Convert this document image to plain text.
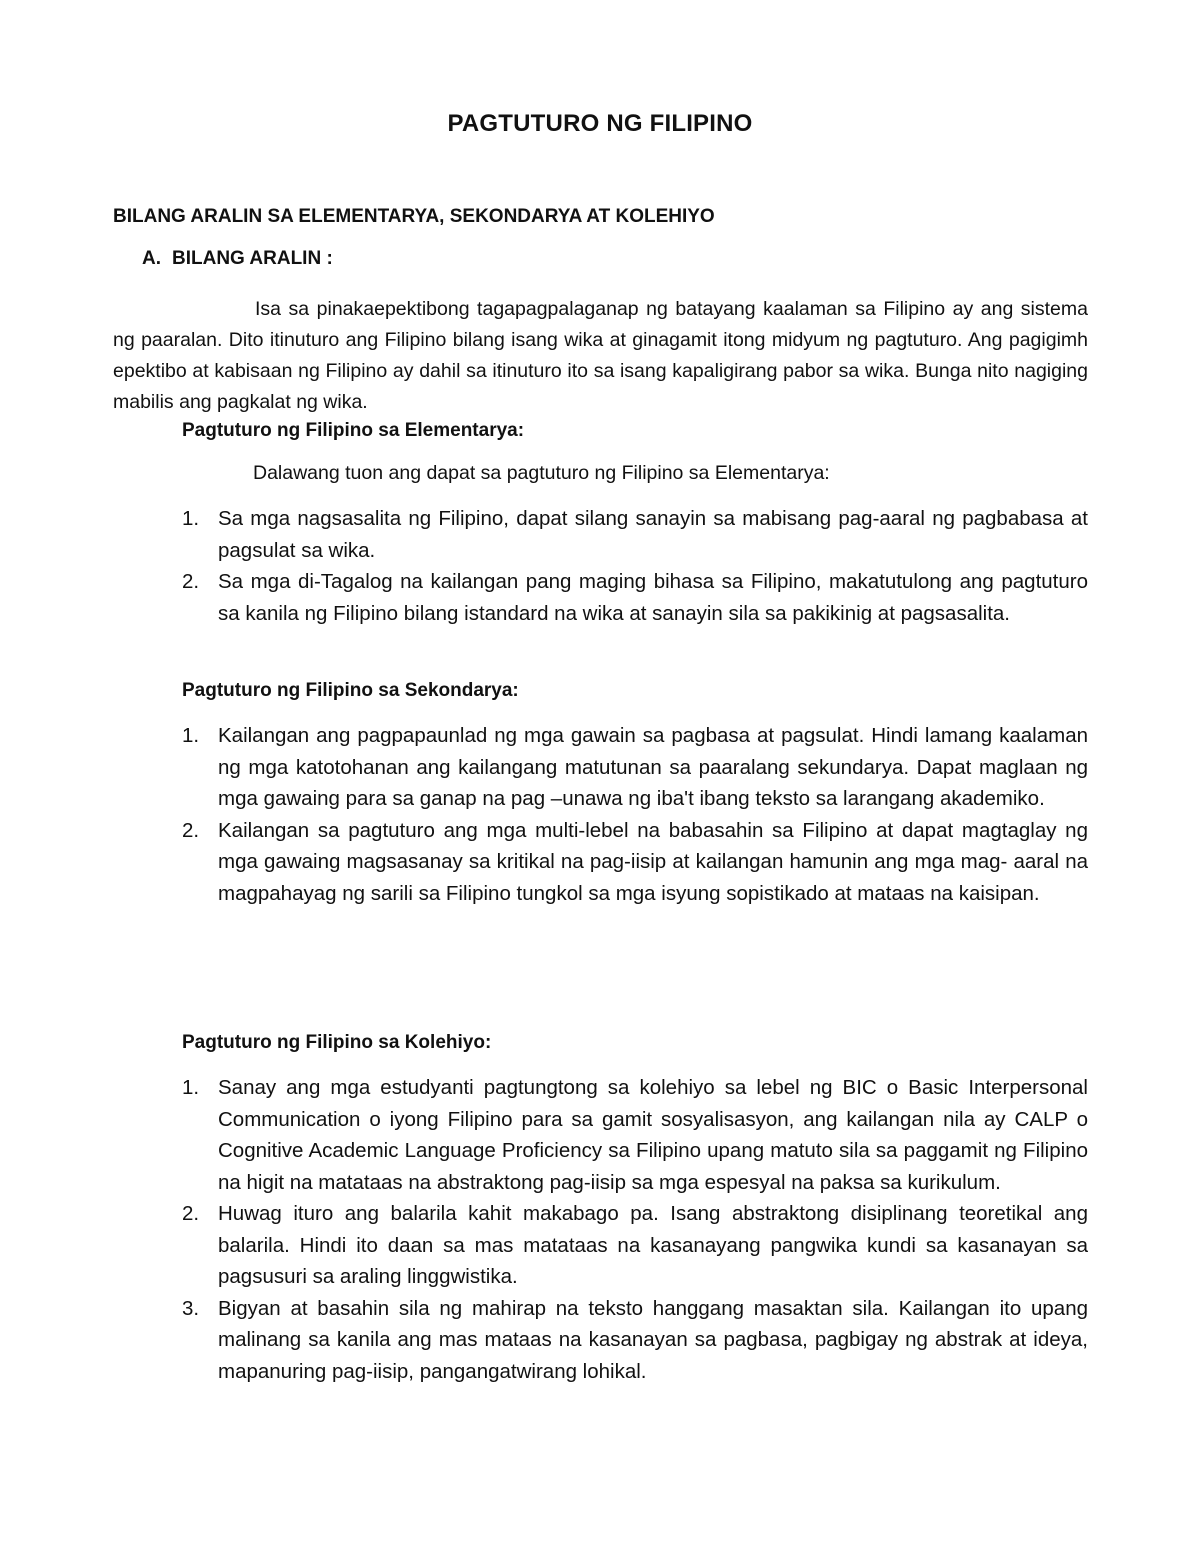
PAGTUTURO NG FILIPINO
BILANG ARALIN SA ELEMENTARYA, SEKONDARYA AT KOLEHIYO
A. BILANG ARALIN :

Isa sa pinakaepektibong tagapagpalaganap ng batayang kaalaman sa Filipino ay ang sistema ng paaralan. Dito itinuturo ang Filipino bilang isang wika at ginagamit itong midyum ng pagtuturo. Ang pagigimh epektibo at kabisaan ng Filipino ay dahil sa itinuturo ito sa isang kapaligirang pabor sa wika. Bunga nito nagiging mabilis ang pagkalat ng wika.

Pagtuturo ng Filipino sa Elementarya:
Dalawang tuon ang dapat sa pagtuturo ng Filipino sa Elementarya:
1. Sa mga nagsasalita ng Filipino, dapat silang sanayin sa mabisang pag-aaral ng pagbabasa at pagsulat sa wika.
2. Sa mga di-Tagalog na kailangan pang maging bihasa sa Filipino, makatutulong ang pagtuturo sa kanila ng Filipino bilang istandard na wika at sanayin sila sa pakikinig at pagsasalita.
Pagtuturo ng Filipino sa Sekondarya:
1. Kailangan ang pagpapaunlad ng mga gawain sa pagbasa at pagsulat. Hindi lamang kaalaman ng mga katotohanan ang kailangang matutunan sa paaralang sekundarya. Dapat maglaan ng mga gawaing para sa ganap na pag –unawa ng iba't ibang teksto sa larangang akademiko.
2. Kailangan sa pagtuturo ang mga multi-lebel na babasahin sa Filipino at dapat magtaglay ng mga gawaing magsasanay sa kritikal na pag-iisip at kailangan hamunin ang mga mag- aaral na magpahayag ng sarili sa Filipino tungkol sa mga isyung sopistikado at mataas na kaisipan.
Pagtuturo ng Filipino sa Kolehiyo:
1. Sanay ang mga estudyanti pagtungtong sa kolehiyo sa lebel ng BIC o Basic Interpersonal Communication o iyong Filipino para sa gamit sosyalisasyon, ang kailangan nila ay CALP o Cognitive Academic Language Proficiency sa Filipino upang matuto sila sa paggamit ng Filipino na higit na matataas na abstraktong pag-iisip sa mga espesyal na paksa sa kurikulum.
2. Huwag ituro ang balarila kahit makabago pa. Isang abstraktong disiplinang teoretikal ang balarila. Hindi ito daan sa mas matataas na kasanayang pangwika kundi sa kasanayan sa pagsusuri sa araling linggwistika.
3. Bigyan at basahin sila ng mahirap na teksto hanggang masaktan sila. Kailangan ito upang malinang sa kanila ang mas mataas na kasanayan sa pagbasa, pagbigay ng abstrak at ideya, mapanuring pag-iisip, pangangatwirang lohikal.
